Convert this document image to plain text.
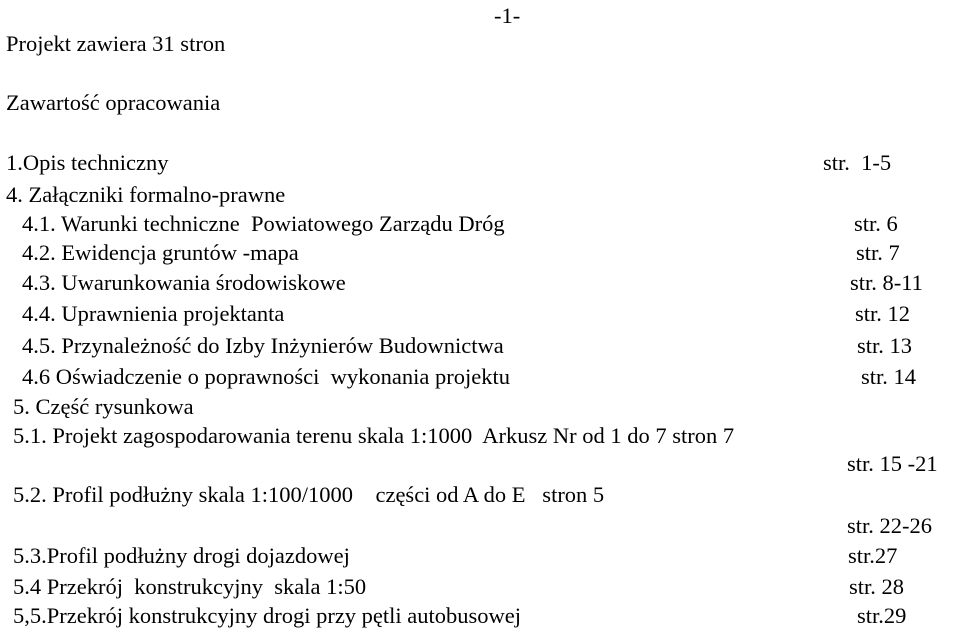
-1-
Projekt zawiera 31 stron
Zawartość opracowania
1.Opis techniczny	str.  1-5
4. Załączniki formalno-prawne
4.1. Warunki techniczne  Powiatowego Zarządu Dróg	str. 6
4.2. Ewidencja gruntów -mapa	str. 7
4.3. Uwarunkowania środowiskowe	str. 8-11
4.4. Uprawnienia projektanta	str. 12
4.5. Przynależność do Izby Inżynierów Budownictwa	str. 13
4.6 Oświadczenie o poprawności  wykonania projektu	str. 14
5. Część rysunkowa
5.1. Projekt zagospodarowania terenu skala 1:1000  Arkusz Nr od 1 do 7 stron 7
str. 15 -21
5.2. Profil podłużny skala 1:100/1000    części od A do E   stron 5
str. 22-26
5.3.Profil podłużny drogi dojazdowej	str.27
5.4 Przekrój  konstrukcyjny  skala 1:50	str. 28
5,5.Przekrój konstrukcyjny drogi przy pętli autobusowej	str.29
